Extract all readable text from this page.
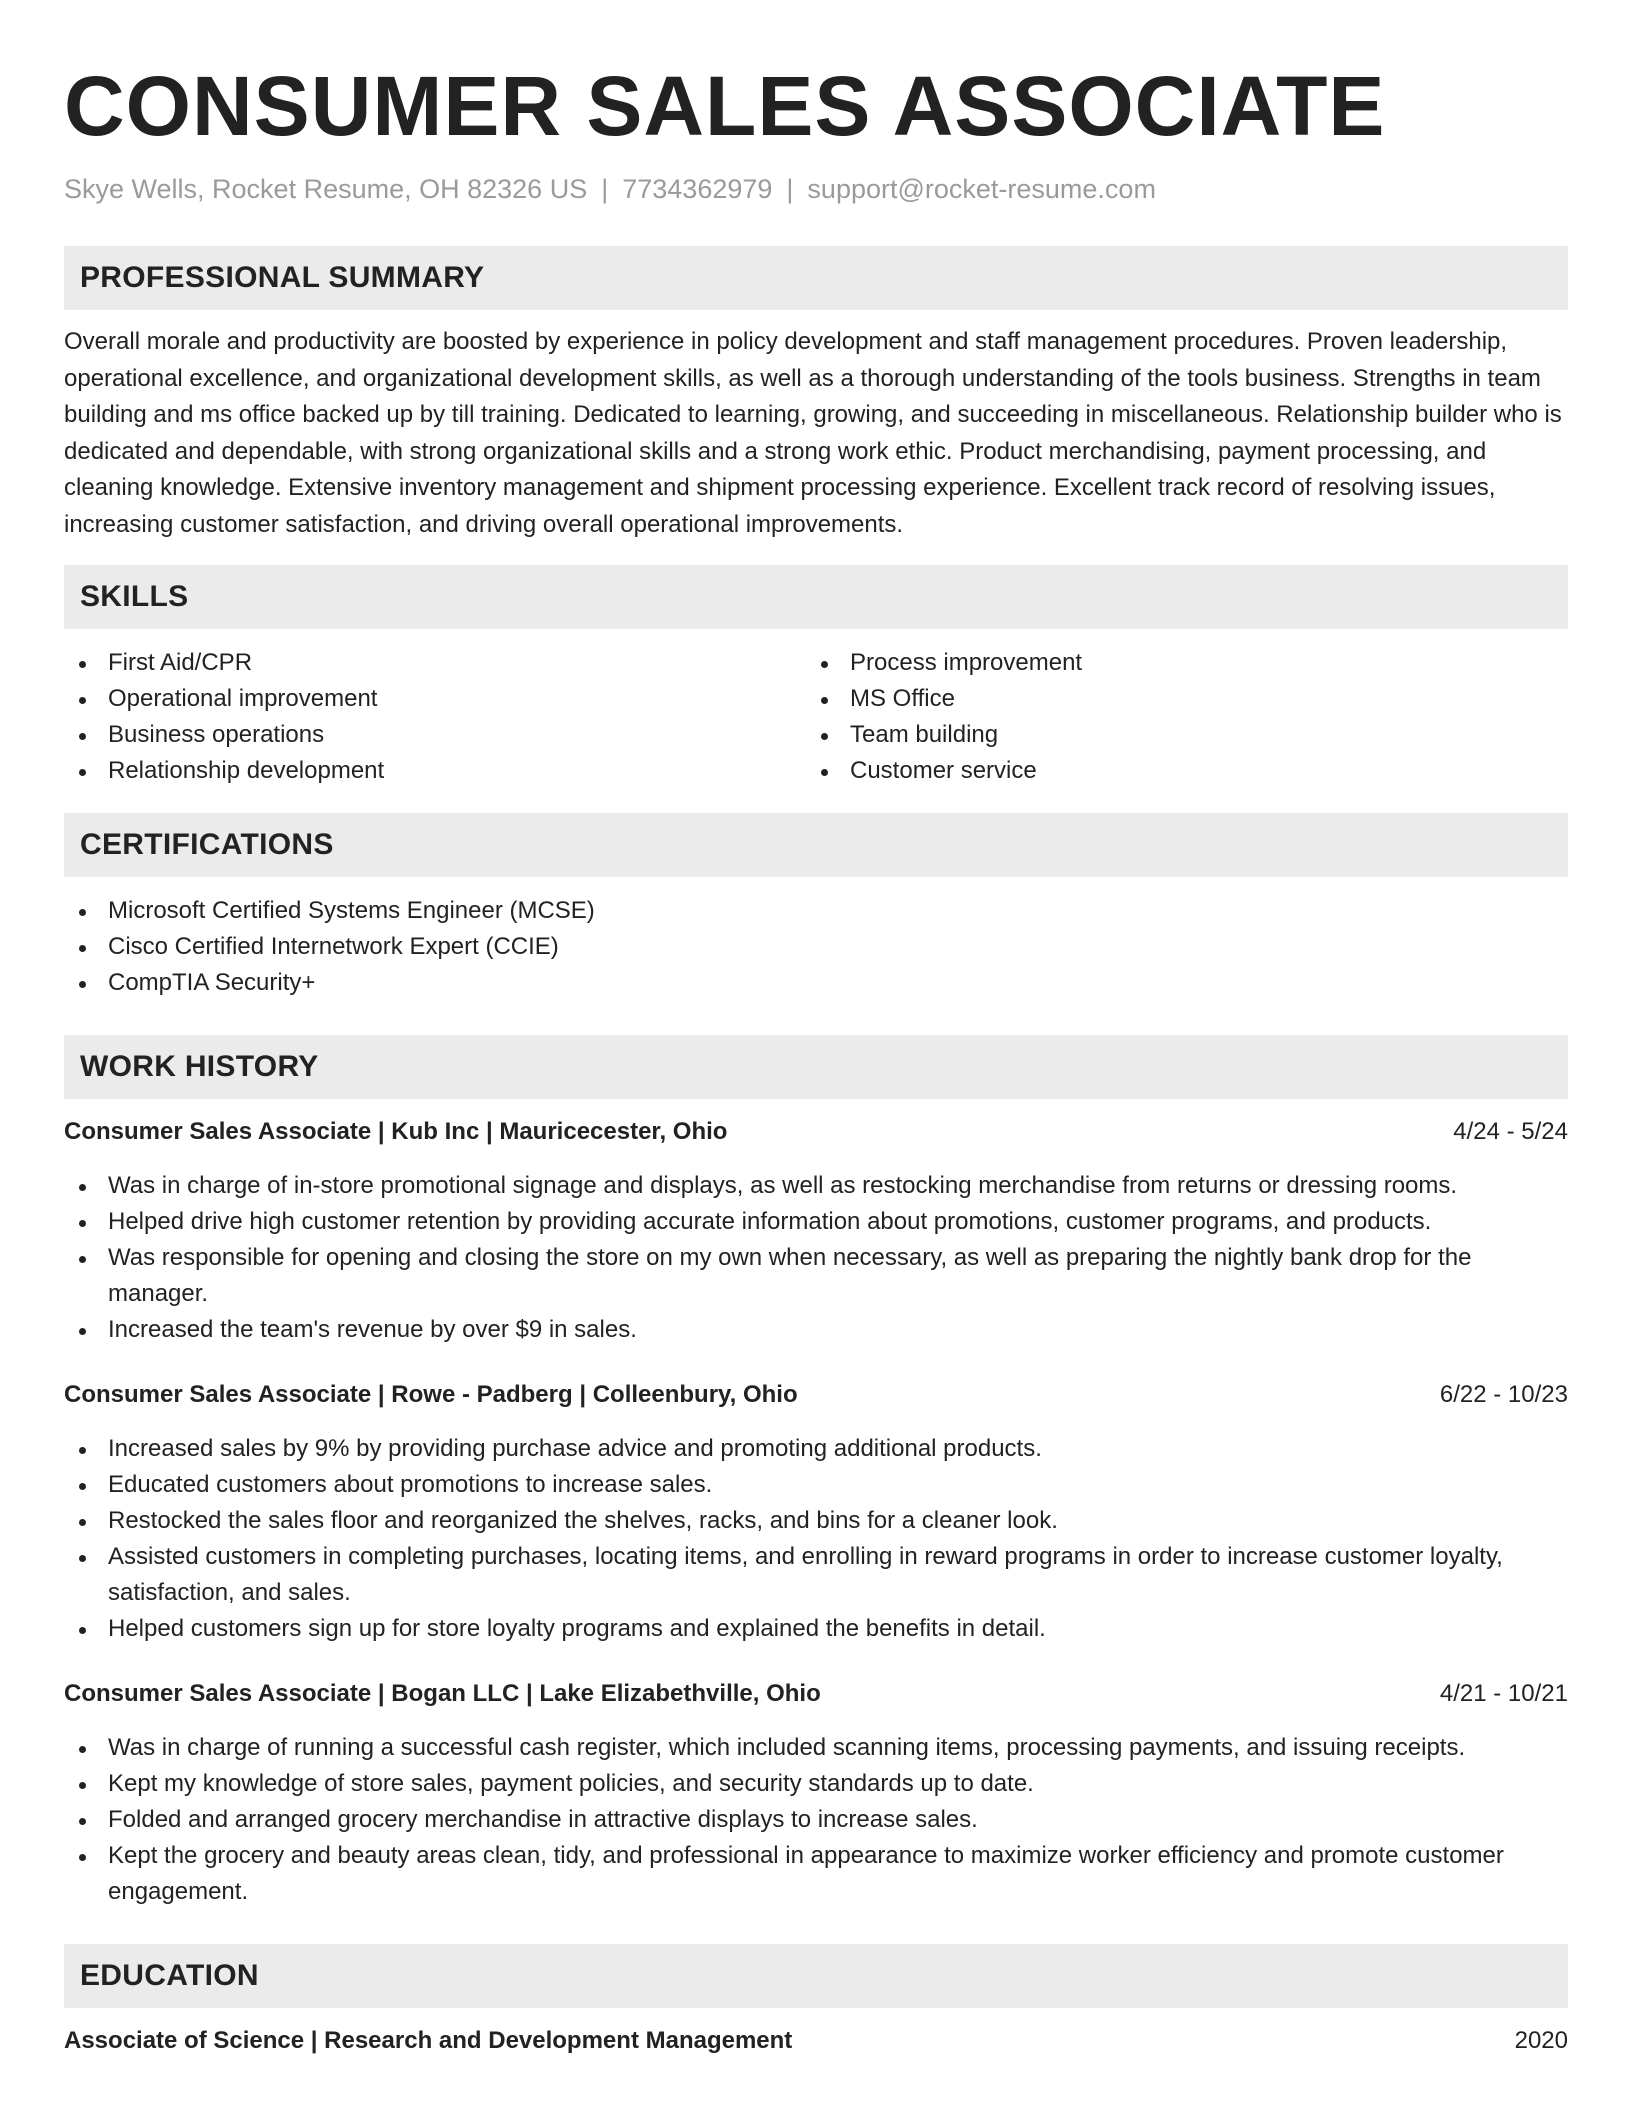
CONSUMER SALES ASSOCIATE
Skye Wells, Rocket Resume, OH 82326 US | 7734362979 | support@rocket-resume.com
PROFESSIONAL SUMMARY

Overall morale and productivity are boosted by experience in policy development and staff management procedures. Proven leadership, operational excellence, and organizational development skills, as well as a thorough understanding of the tools business. Strengths in team building and ms office backed up by till training. Dedicated to learning, growing, and succeeding in miscellaneous. Relationship builder who is dedicated and dependable, with strong organizational skills and a strong work ethic. Product merchandising, payment processing, and cleaning knowledge. Extensive inventory management and shipment processing experience. Excellent track record of resolving issues, increasing customer satisfaction, and driving overall operational improvements.

SKILLS
First Aid/CPR
Operational improvement
Business operations
Relationship development
Process improvement
MS Office
Team building
Customer service
CERTIFICATIONS
Microsoft Certified Systems Engineer (MCSE)
Cisco Certified Internetwork Expert (CCIE)
CompTIA Security+
WORK HISTORY
Consumer Sales Associate | Kub Inc | Mauricecester, Ohio	4/24 - 5/24
Was in charge of in-store promotional signage and displays, as well as restocking merchandise from returns or dressing rooms.
Helped drive high customer retention by providing accurate information about promotions, customer programs, and products.
Was responsible for opening and closing the store on my own when necessary, as well as preparing the nightly bank drop for the manager.
Increased the team's revenue by over $9 in sales.
Consumer Sales Associate | Rowe - Padberg | Colleenbury, Ohio	6/22 - 10/23
Increased sales by 9% by providing purchase advice and promoting additional products.
Educated customers about promotions to increase sales.
Restocked the sales floor and reorganized the shelves, racks, and bins for a cleaner look.
Assisted customers in completing purchases, locating items, and enrolling in reward programs in order to increase customer loyalty, satisfaction, and sales.
Helped customers sign up for store loyalty programs and explained the benefits in detail.
Consumer Sales Associate | Bogan LLC | Lake Elizabethville, Ohio	4/21 - 10/21
Was in charge of running a successful cash register, which included scanning items, processing payments, and issuing receipts.
Kept my knowledge of store sales, payment policies, and security standards up to date.
Folded and arranged grocery merchandise in attractive displays to increase sales.
Kept the grocery and beauty areas clean, tidy, and professional in appearance to maximize worker efficiency and promote customer engagement.
EDUCATION
Associate of Science | Research and Development Management	2020
